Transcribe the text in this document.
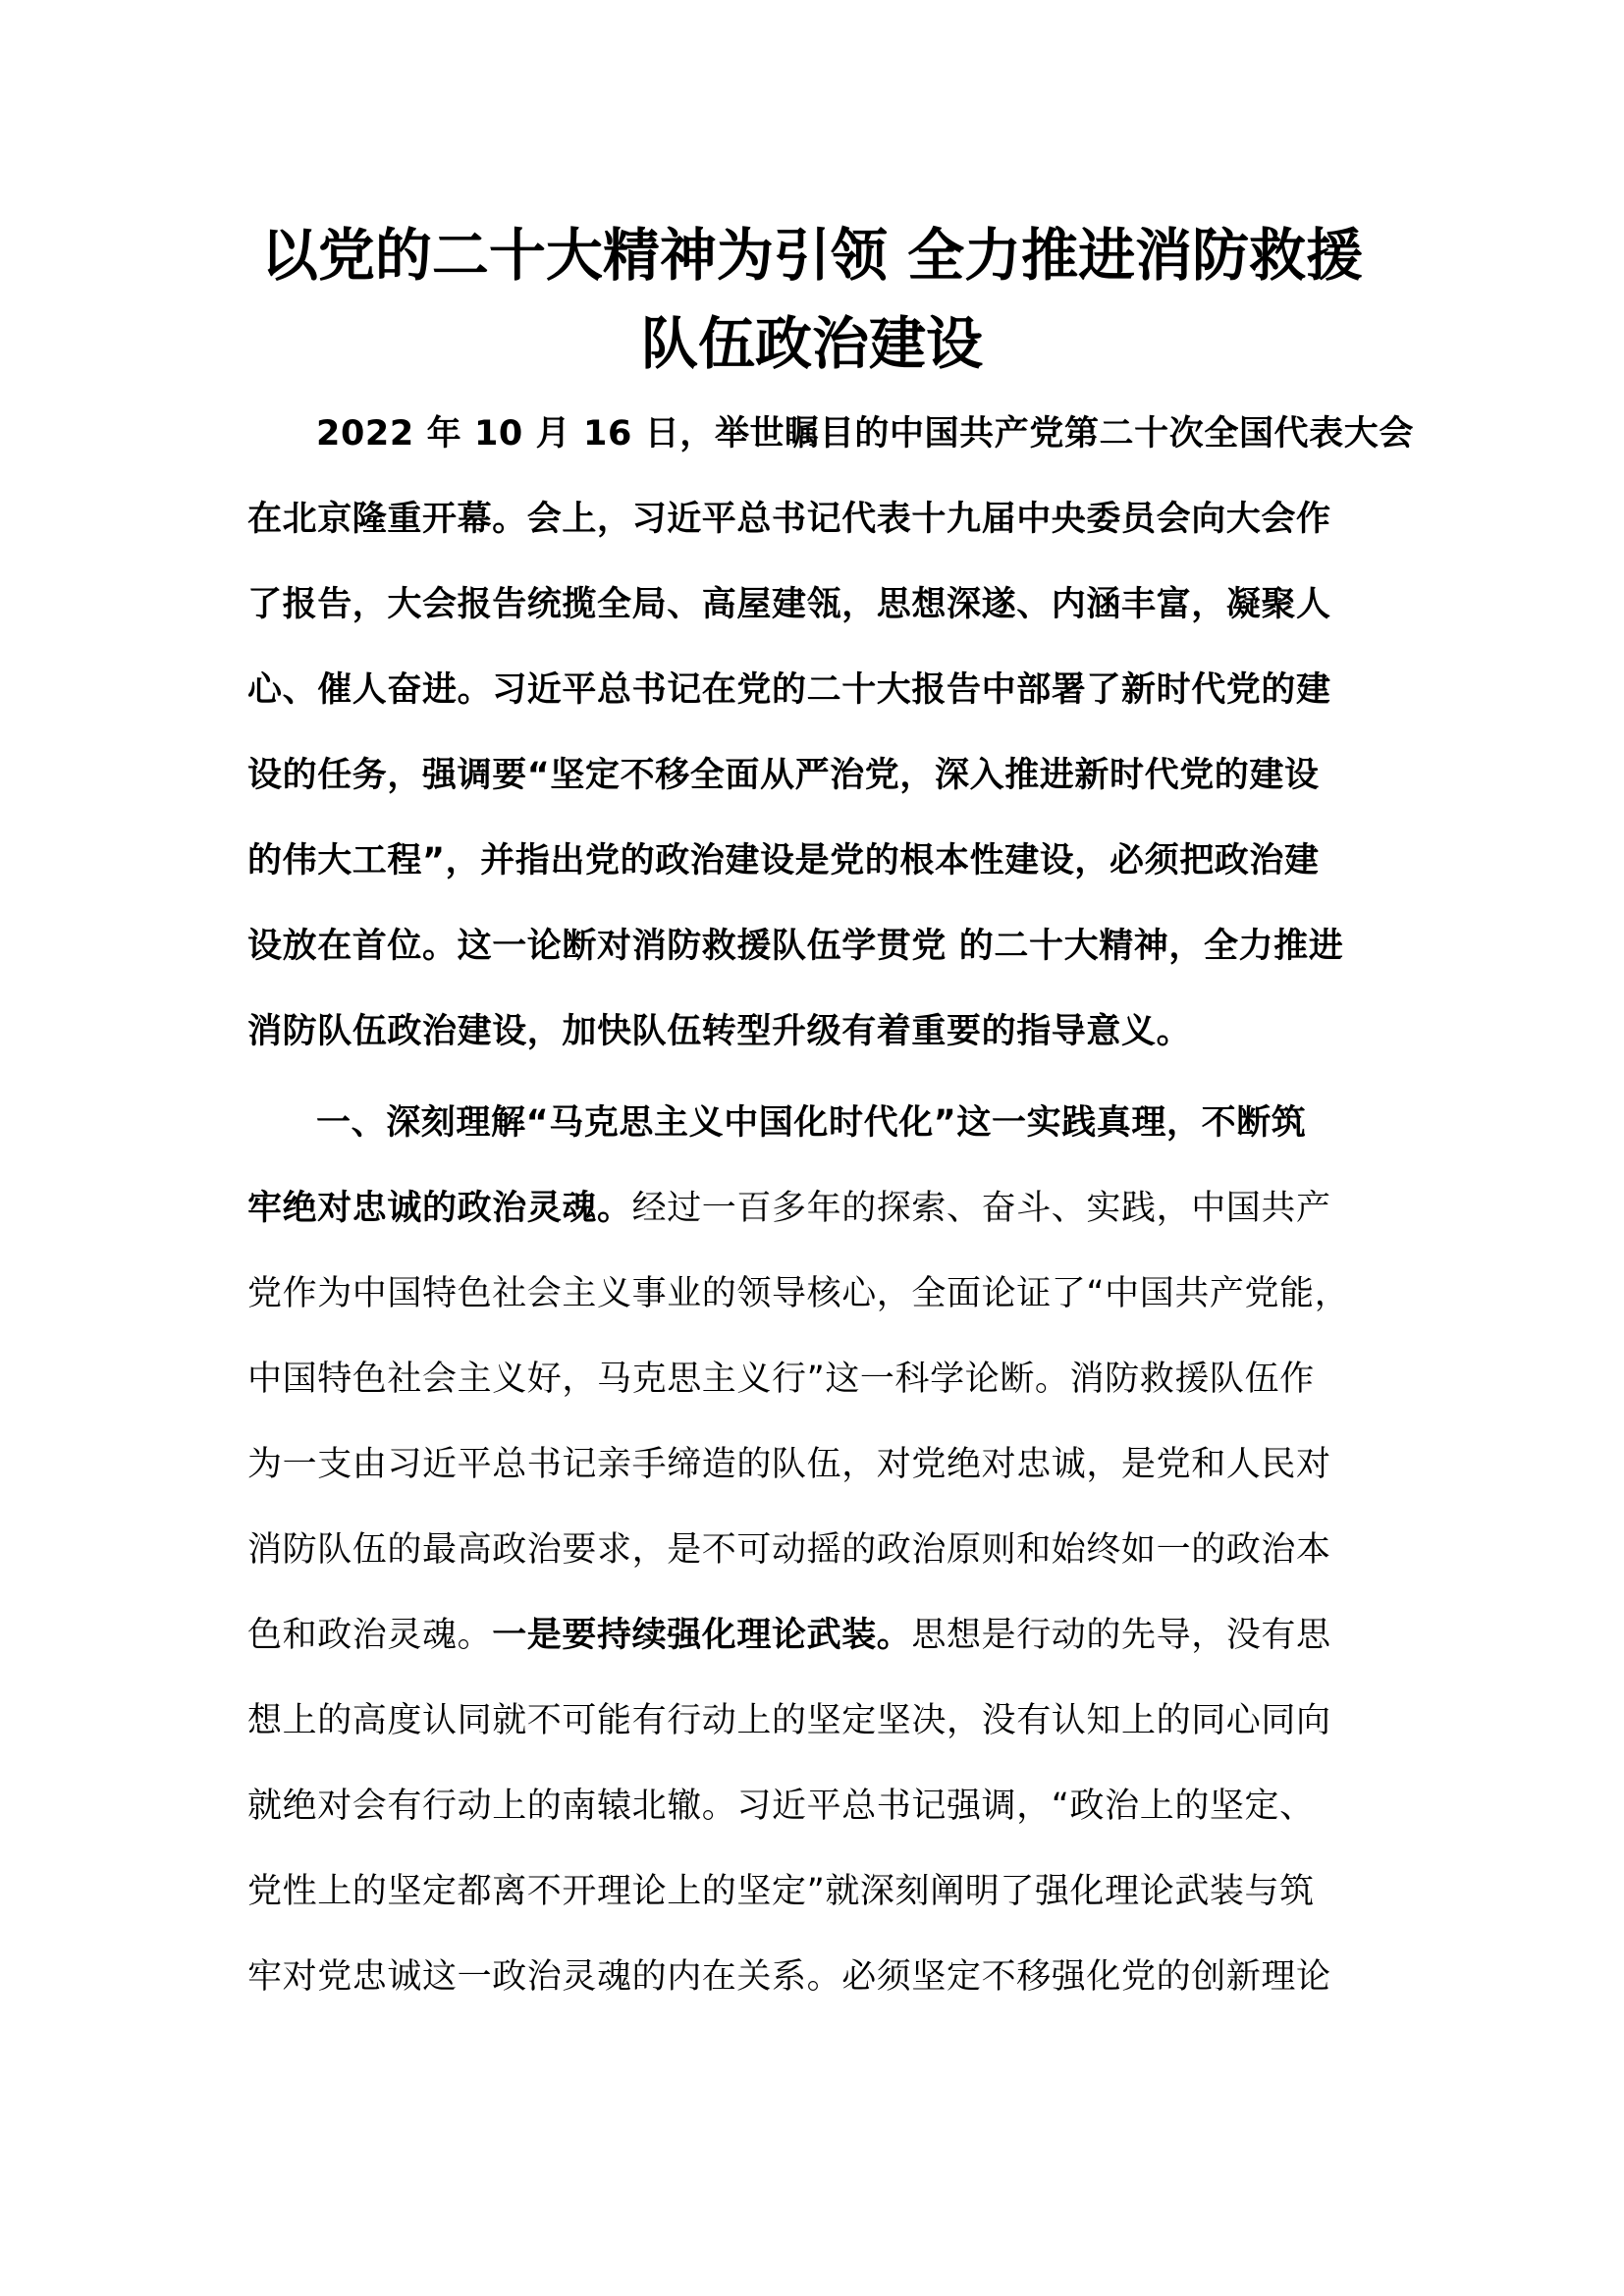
以党的二十大精神为引领 全力推进消防救援
队伍政治建设
2022 年 10 月 16 日，举世瞩目的中国共产党第二十次全国代表大会
在北京隆重开幕。会上，习近平总书记代表十九届中央委员会向大会作
了报告，大会报告统揽全局、高屋建瓴，思想深遂、内涵丰富，凝聚人
心、催人奋进。习近平总书记在党的二十大报告中部署了新时代党的建
设的任务，强调要“坚定不移全面从严治党，深入推进新时代党的建设
的伟大工程”，并指出党的政治建设是党的根本性建设，必须把政治建
设放在首位。这一论断对消防救援队伍学贯党 的二十大精神，全力推进
消防队伍政治建设，加快队伍转型升级有着重要的指导意义。
一、深刻理解“马克思主义中国化时代化”这一实践真理，不断筑
牢绝对忠诚的政治灵魂。经过一百多年的探索、奋斗、实践，中国共产
党作为中国特色社会主义事业的领导核心，全面论证了“中国共产党能，
中国特色社会主义好，马克思主义行”这一科学论断。消防救援队伍作
为一支由习近平总书记亲手缔造的队伍，对党绝对忠诚，是党和人民对
消防队伍的最高政治要求，是不可动摇的政治原则和始终如一的政治本
色和政治灵魂。一是要持续强化理论武装。思想是行动的先导，没有思
想上的高度认同就不可能有行动上的坚定坚决，没有认知上的同心同向
就绝对会有行动上的南辕北辙。习近平总书记强调，“政治上的坚定、
党性上的坚定都离不开理论上的坚定”就深刻阐明了强化理论武装与筑
牢对党忠诚这一政治灵魂的内在关系。必须坚定不移强化党的创新理论
